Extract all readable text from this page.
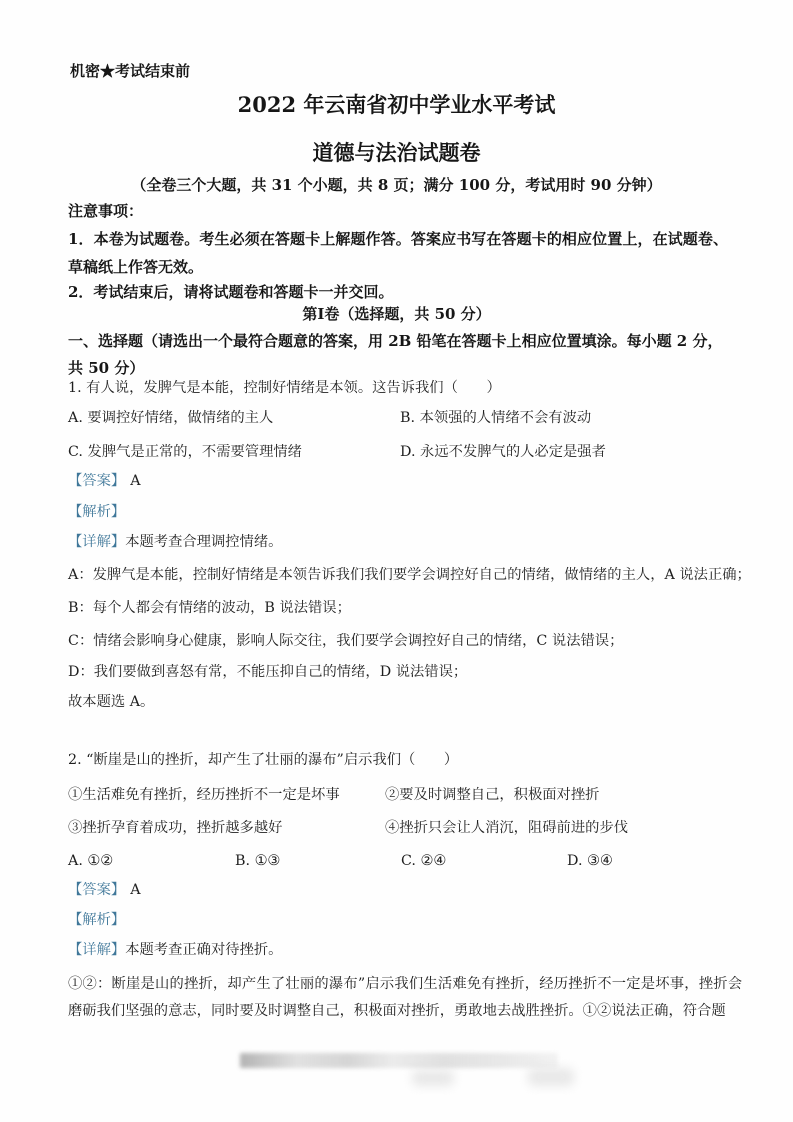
机密★考试结束前
2022 年云南省初中学业水平考试
道德与法治试题卷
（全卷三个大题，共 31 个小题，共 8 页；满分 100 分，考试用时 90 分钟）
注意事项：
1．本卷为试题卷。考生必须在答题卡上解题作答。答案应书写在答题卡的相应位置上，在试题卷、草稿纸上作答无效。
2．考试结束后，请将试题卷和答题卡一并交回。
第Ⅰ卷（选择题，共 50 分）
一、选择题（请选出一个最符合题意的答案，用 2B 铅笔在答题卡上相应位置填涂。每小题 2 分，共 50 分）
1. 有人说，发脾气是本能，控制好情绪是本领。这告诉我们（　　）
A. 要调控好情绪，做情绪的主人	B. 本领强的人情绪不会有波动
C. 发脾气是正常的，不需要管理情绪	D. 永远不发脾气的人必定是强者
【答案】 A
【解析】
【详解】本题考查合理调控情绪。
A：发脾气是本能，控制好情绪是本领告诉我们我们要学会调控好自己的情绪，做情绪的主人，A 说法正确；
B：每个人都会有情绪的波动，B 说法错误；
C：情绪会影响身心健康，影响人际交往，我们要学会调控好自己的情绪，C 说法错误；
D：我们要做到喜怒有常，不能压抑自己的情绪，D 说法错误；
故本题选 A。
2. “断崖是山的挫折，却产生了壮丽的瀑布”启示我们（　　）
①生活难免有挫折，经历挫折不一定是坏事	②要及时调整自己，积极面对挫折
③挫折孕育着成功，挫折越多越好	④挫折只会让人消沉，阻碍前进的步伐
A. ①②	B. ①③	C. ②④	D. ③④
【答案】 A
【解析】
【详解】本题考查正确对待挫折。
①②：断崖是山的挫折，却产生了壮丽的瀑布”启示我们生活难免有挫折，经历挫折不一定是坏事，挫折会磨砺我们坚强的意志，同时要及时调整自己，积极面对挫折，勇敢地去战胜挫折。①②说法正确，符合题
